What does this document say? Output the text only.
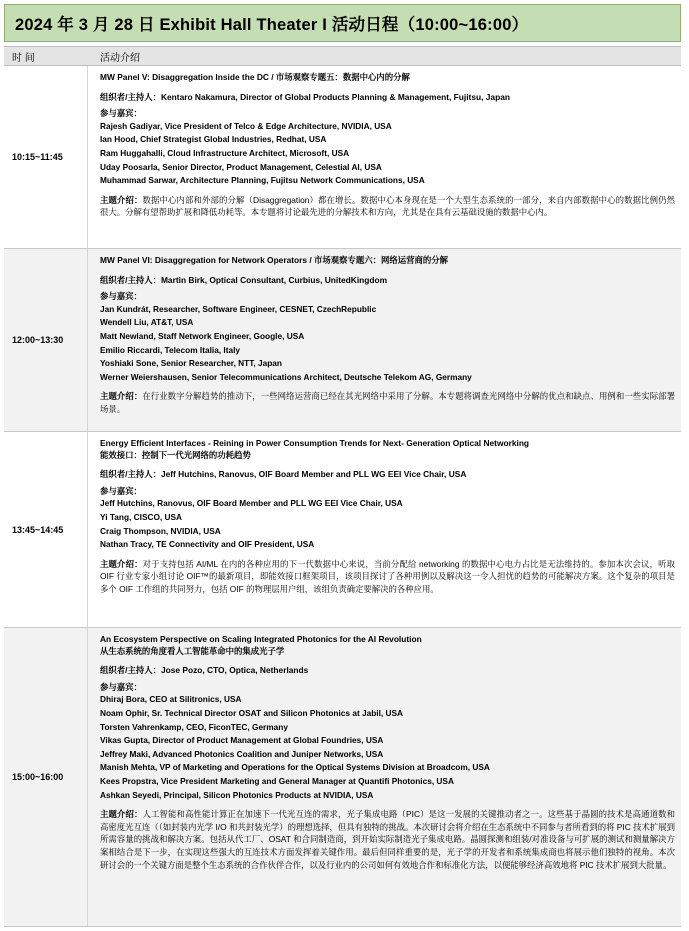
2024 年 3 月 28 日 Exhibit Hall Theater I 活动日程（10:00~16:00）
时 间	活动介绍
10:15~11:45
MW Panel V: Disaggregation Inside the DC / 市场观察专题五：数据中心内的分解
组织者/主持人：Kentaro Nakamura, Director of Global Products Planning & Management, Fujitsu, Japan
参与嘉宾：
Rajesh Gadiyar, Vice President of Telco & Edge Architecture, NVIDIA, USA
Ian Hood, Chief Strategist Global Industries, Redhat, USA
Ram Huggahalli, Cloud Infrastructure Architect, Microsoft, USA
Uday Poosarla, Senior Director, Product Management, Celestial AI, USA
Muhammad Sarwar, Architecture Planning, Fujitsu Network Communications, USA
主题介绍：数据中心内部和外部的分解（Disaggregation）都在增长。数据中心本身现在是一个大型生态系统的一部分，来自内部数据中心的数据比例仍然很大。分解有望帮助扩展和降低功耗等。本专题将讨论最先进的分解技术和方向，尤其是在具有云基础设施的数据中心内。
12:00~13:30
MW Panel VI: Disaggregation for Network Operators / 市场观察专题六：网络运营商的分解
组织者/主持人：Martin Birk, Optical Consultant, Curbius, UnitedKingdom
参与嘉宾：
Jan Kundrát, Researcher, Software Engineer, CESNET, CzechRepublic
Wendell Liu, AT&T, USA
Matt Newland, Staff Network Engineer, Google, USA
Emilio Riccardi, Telecom Italia, Italy
Yoshiaki Sone, Senior Researcher, NTT, Japan
Werner Weiershausen, Senior Telecommunications Architect, Deutsche Telekom AG, Germany
主题介绍：在行业数字分解趋势的推动下，一些网络运营商已经在其光网络中采用了分解。本专题将调查光网络中分解的优点和缺点、用例和一些实际部署场景。
13:45~14:45
Energy Efficient Interfaces - Reining in Power Consumption Trends for Next- Generation Optical Networking
能效接口：控制下一代光网络的功耗趋势
组织者/主持人：Jeff Hutchins, Ranovus, OIF Board Member and PLL WG EEI Vice Chair, USA
参与嘉宾：
Jeff Hutchins, Ranovus, OIF Board Member and PLL WG EEI Vice Chair, USA
Yi Tang, CISCO, USA
Craig Thompson, NVIDIA, USA
Nathan Tracy, TE Connectivity and OIF President, USA
主题介绍：对于支持包括 AI/ML 在内的各种应用的下一代数据中心来说，当前分配给 networking 的数据中心电力占比是无法维持的。参加本次会议，听取 OIF 行业专家小组讨论 OIF™的最新项目，即能效接口框架项目，该项目探讨了各种用例以及解决这一令人担忧的趋势的可能解决方案。这个复杂的项目是多个 OIF 工作组的共同努力，包括 OIF 的物理层用户组，该组负责确定要解决的各种应用。
15:00~16:00
An Ecosystem Perspective on Scaling Integrated Photonics for the AI Revolution
从生态系统的角度看人工智能革命中的集成光子学
组织者/主持人：Jose Pozo, CTO, Optica, Netherlands
参与嘉宾：
Dhiraj Bora, CEO at Silitronics, USA
Noam Ophir, Sr. Technical Director OSAT and Silicon Photonics at Jabil, USA
Torsten Vahrenkamp, CEO, FiconTEC, Germany
Vikas Gupta, Director of Product Management at Global Foundries, USA
Jeffrey Maki, Advanced Photonics Coalition and Juniper Networks, USA
Manish Mehta, VP of Marketing and Operations for the Optical Systems Division at Broadcom, USA
Kees Propstra, Vice President Marketing and General Manager at Quantifi Photonics, USA
Ashkan Seyedi, Principal, Silicon Photonics Products at NVIDIA, USA
主题介绍：人工智能和高性能计算正在加速下一代光互连的需求，光子集成电路（PIC）是这一发展的关键推动者之一。这些基于晶圆的技术是高通道数和高密度光互连（（如封装内光学 I/O 和共封装光学）的理想选择，但具有独特的挑战。本次研讨会将介绍在生态系统中不同参与者所看到的将 PIC 技术扩展到所需容量的挑战和解决方案。包括从代工厂、OSAT 和合同制造商，到开始实际制造光子集成电路。晶圆探测和组装/对准设备与可扩展的测试和测量解决方案相结合是下一步，在实现这些强大的互连技术方面发挥着关键作用。最后但同样重要的是，光子学的开发者和系统集成商也将展示他们独特的视角。本次研讨会的一个关键方面是整个生态系统的合作伙伴合作，以及行业内的公司如何有效地合作和标准化方法，以便能够经济高效地将 PIC 技术扩展到大批量。
